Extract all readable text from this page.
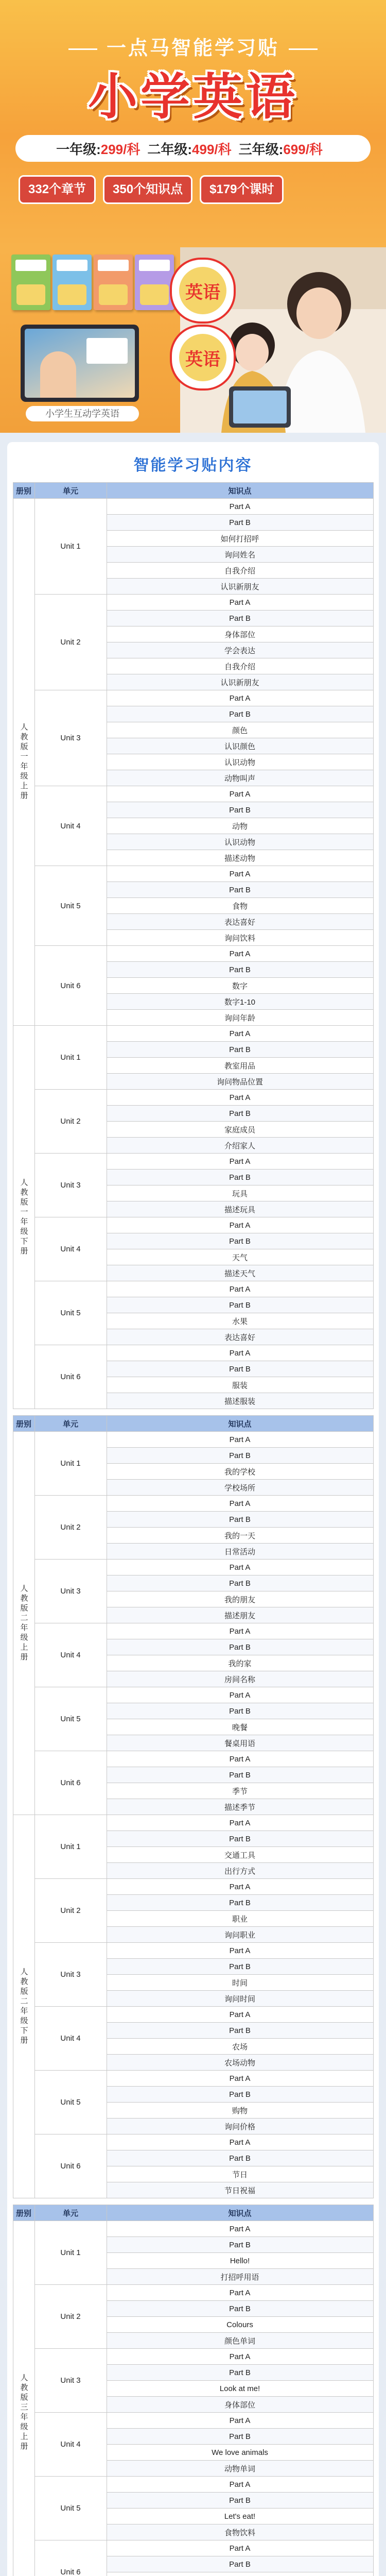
一点马智能学习贴
小学英语
一年级:299/科 二年级:499/科 三年级:699/科
332个章节	350个知识点	$179个课时
小学生互动学英语
英语
英语
智能学习贴内容
册别	单元	知识点
人教版一年级上册	Unit 1	Part A
		Part B
		如何打招呼
		询问姓名
		自我介绍
		认识新朋友
	Unit 2	Part A
		Part B
		身体部位
		学会表达
		自我介绍
		认识新朋友
	Unit 3	Part A
		Part B
		颜色
		认识颜色
		认识动物
		动物叫声
	Unit 4	Part A
		Part B
		动物
		认识动物
		描述动物
	Unit 5	Part A
		Part B
		食物
		表达喜好
		询问饮料
	Unit 6	Part A
		Part B
		数字
		数字1-10
		询问年龄
人教版一年级下册	Unit 1	Part A
		Part B
		教室用品
		询问物品位置
	Unit 2	Part A
		Part B
		家庭成员
		介绍家人
	Unit 3	Part A
		Part B
		玩具
		描述玩具
	Unit 4	Part A
		Part B
		天气
		描述天气
	Unit 5	Part A
		Part B
		水果
		表达喜好
	Unit 6	Part A
		Part B
		服装
		描述服装
册别	单元	知识点
人教版二年级上册	Unit 1	Part A
		Part B
		我的学校
		学校场所
	Unit 2	Part A
		Part B
		我的一天
		日常活动
	Unit 3	Part A
		Part B
		我的朋友
		描述朋友
	Unit 4	Part A
		Part B
		我的家
		房间名称
	Unit 5	Part A
		Part B
		晚餐
		餐桌用语
	Unit 6	Part A
		Part B
		季节
		描述季节
人教版二年级下册	Unit 1	Part A
		Part B
		交通工具
		出行方式
	Unit 2	Part A
		Part B
		职业
		询问职业
	Unit 3	Part A
		Part B
		时间
		询问时间
	Unit 4	Part A
		Part B
		农场
		农场动物
	Unit 5	Part A
		Part B
		购物
		询问价格
	Unit 6	Part A
		Part B
		节日
		节日祝福
册别	单元	知识点
人教版三年级上册	Unit 1	Part A
		Part B
		Hello!
		打招呼用语
	Unit 2	Part A
		Part B
		Colours
		颜色单词
	Unit 3	Part A
		Part B
		Look at me!
		身体部位
	Unit 4	Part A
		Part B
		We love animals
		动物单词
	Unit 5	Part A
		Part B
		Let's eat!
		食物饮料
	Unit 6	Part A
		Part B
